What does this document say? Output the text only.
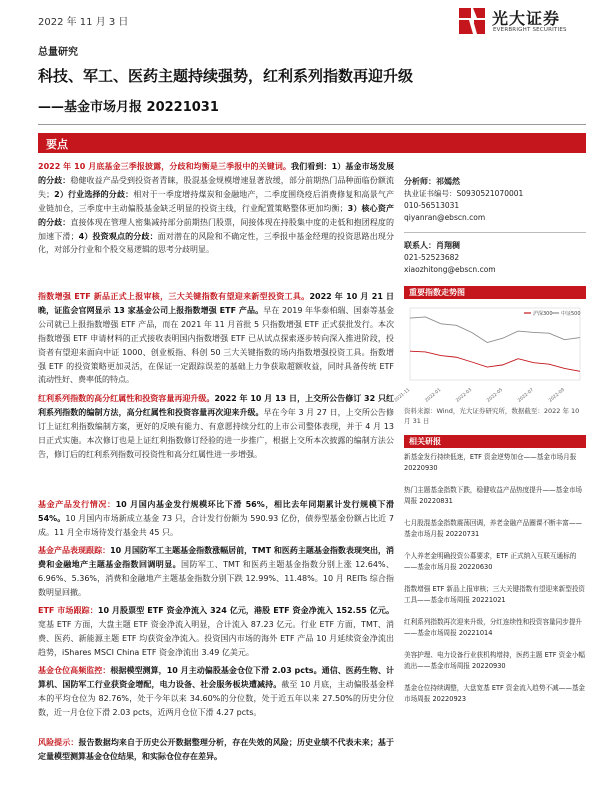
2022 年 11 月 3 日	光大证券
EVERBRIGHT SECURITIES
总量研究
科技、军工、医药主题持续强势，红利系列指数再迎升级
——基金市场月报 20221031
要点
2022 年 10 月底基金三季报披露，分歧和均衡是三季报中的关键词。我们看到：1）基金市场发展的分歧：稳健收益产品受到投资者青睐，股混基金规模增速显著放缓，部分前期热门品种面临份额流失；2）行业选择的分歧：相对于一季度增持煤炭和金融地产，二季度围绕疫后消费修复和高景气产业链加仓，三季度中主动偏股基金缺乏明显的投资主线，行业配置策略整体更加均衡；3）核心资产的分歧：直接体现在管理人密集减持部分前期热门股票，间接体现在持股集中度的走低和抱团程度的加速下滑；4）投资观点的分歧：面对潜在的风险和不确定性，三季报中基金经理的投资思路出现分化，对部分行业和个股交易逻辑的思考分歧明显。
指数增强 ETF 新品正式上报审核，三大关键指数有望迎来新型投资工具。2022 年 10 月 21 日晚，证监会官网显示 13 家基金公司上报指数增强 ETF 产品。早在 2019 年华泰柏瑞、国泰等基金公司就已上报指数增强 ETF 产品，而在 2021 年 11 月首批 5 只指数增强 ETF 正式获批发行。本次指数增强 ETF 申请材料的正式接收表明国内指数增强 ETF 已从试点探索逐步转向深入推进阶段，投资者有望迎来面向中证 1000、创业板指、科创 50 三大关键指数的场内指数增强投资工具。指数增强 ETF 的投资策略更加灵活，在保证一定跟踪误差的基础上力争获取超额收益，同时具备传统 ETF 流动性好、费率低的特点。
红利系列指数的高分红属性和投资容量再迎升级。2022 年 10 月 13 日，上交所公告修订 32 只红利系列指数的编制方法，高分红属性和投资容量再次迎来升级。早在今年 3 月 27 日，上交所公告修订上证红利指数编制方案，更好的反映有能力、有意愿持续分红的上市公司整体表现，并于 4 月 13 日正式实施。本次修订也是上证红利指数修订经验的进一步推广，根据上交所本次披露的编制方法公告，修订后的红利系列指数可投资性和高分红属性进一步增强。
基金产品发行情况：10 月国内基金发行规模环比下滑 56%，相比去年同期累计发行规模下滑 54%。10 月国内市场新成立基金 73 只，合计发行份额为 590.93 亿份，债券型基金份额占比近 7 成。11 月全市场待发行基金共 45 只。
基金产品表现跟踪：10 月国防军工主题基金指数涨幅居前，TMT 和医药主题基金指数表现突出，消费和金融地产主题基金指数回调明显。国防军工、TMT 和医药主题基金指数分别上涨 12.64%、6.96%、5.36%，消费和金融地产主题基金指数分别下跌 12.99%、11.48%。10 月 REITs 综合指数明显回撤。
ETF 市场跟踪：10 月股票型 ETF 资金净流入 324 亿元，港股 ETF 资金净流入 152.55 亿元。宽基 ETF 方面，大盘主题 ETF 资金净流入明显，合计流入 87.23 亿元。行业 ETF 方面，TMT、消费、医药、新能源主题 ETF 均获资金净流入。投资国内市场的海外 ETF 产品 10 月延续资金净流出趋势，iShares MSCI China ETF 资金净流出 3.49 亿美元。
基金仓位高频监控：根据模型测算，10 月主动偏股基金仓位下滑 2.03 pcts。通信、医药生物、计算机、国防军工行业获资金增配，电力设备、社会服务板块遭减持。截至 10 月底，主动偏股基金样本的平均仓位为 82.76%，处于今年以来 34.60%的分位数，处于近五年以来 27.50%的历史分位数，近一月仓位下滑 2.03 pcts，近两月仓位下滑 4.27 pcts。
风险提示：报告数据均来自于历史公开数据整理分析，存在失效的风险；历史业绩不代表未来；基于定量模型测算基金仓位结果，和实际仓位存在差异。
分析师：祁嫣然
执业证书编号：S0930521070001
010-56513031
qiyanran@ebscn.com
联系人：肖翔稠
021-52523682
xiaozhitong@ebscn.com
重要指数走势图
沪深300 中证500
2021-11	2022-01	2022-03	2022-05	2022-07	2022-09
资料来源：Wind，光大证券研究所，数据截至：2022 年 10 月 31 日
相关研报
新基金发行持续低迷，ETF 资金逆势加仓——基金市场月报 20220930
热门主题基金指数下跌，稳健收益产品热度提升——基金市场周报 20220831
七月股混基金指数震荡回调，养老金融产品圈课不断丰富——基金市场月报 20220731
个人养老金明确投资公募要求，ETF 正式纳入互联互通标的——基金市场月报 20220630
指数增强 ETF 新品上报审核；三大关键指数有望迎来新型投资工具——基金市场周报 20221021
红利系列指数再次迎来升级，分红连续性和投资容量同步提升——基金市场周报 20221014
美容护理、电力设备行业获机构增持，医药主题 ETF 资金小幅流出——基金市场周报 20220930
基金仓位持续调整，大盘宽基 ETF 资金流入趋势不减——基金市场周报 20220923
